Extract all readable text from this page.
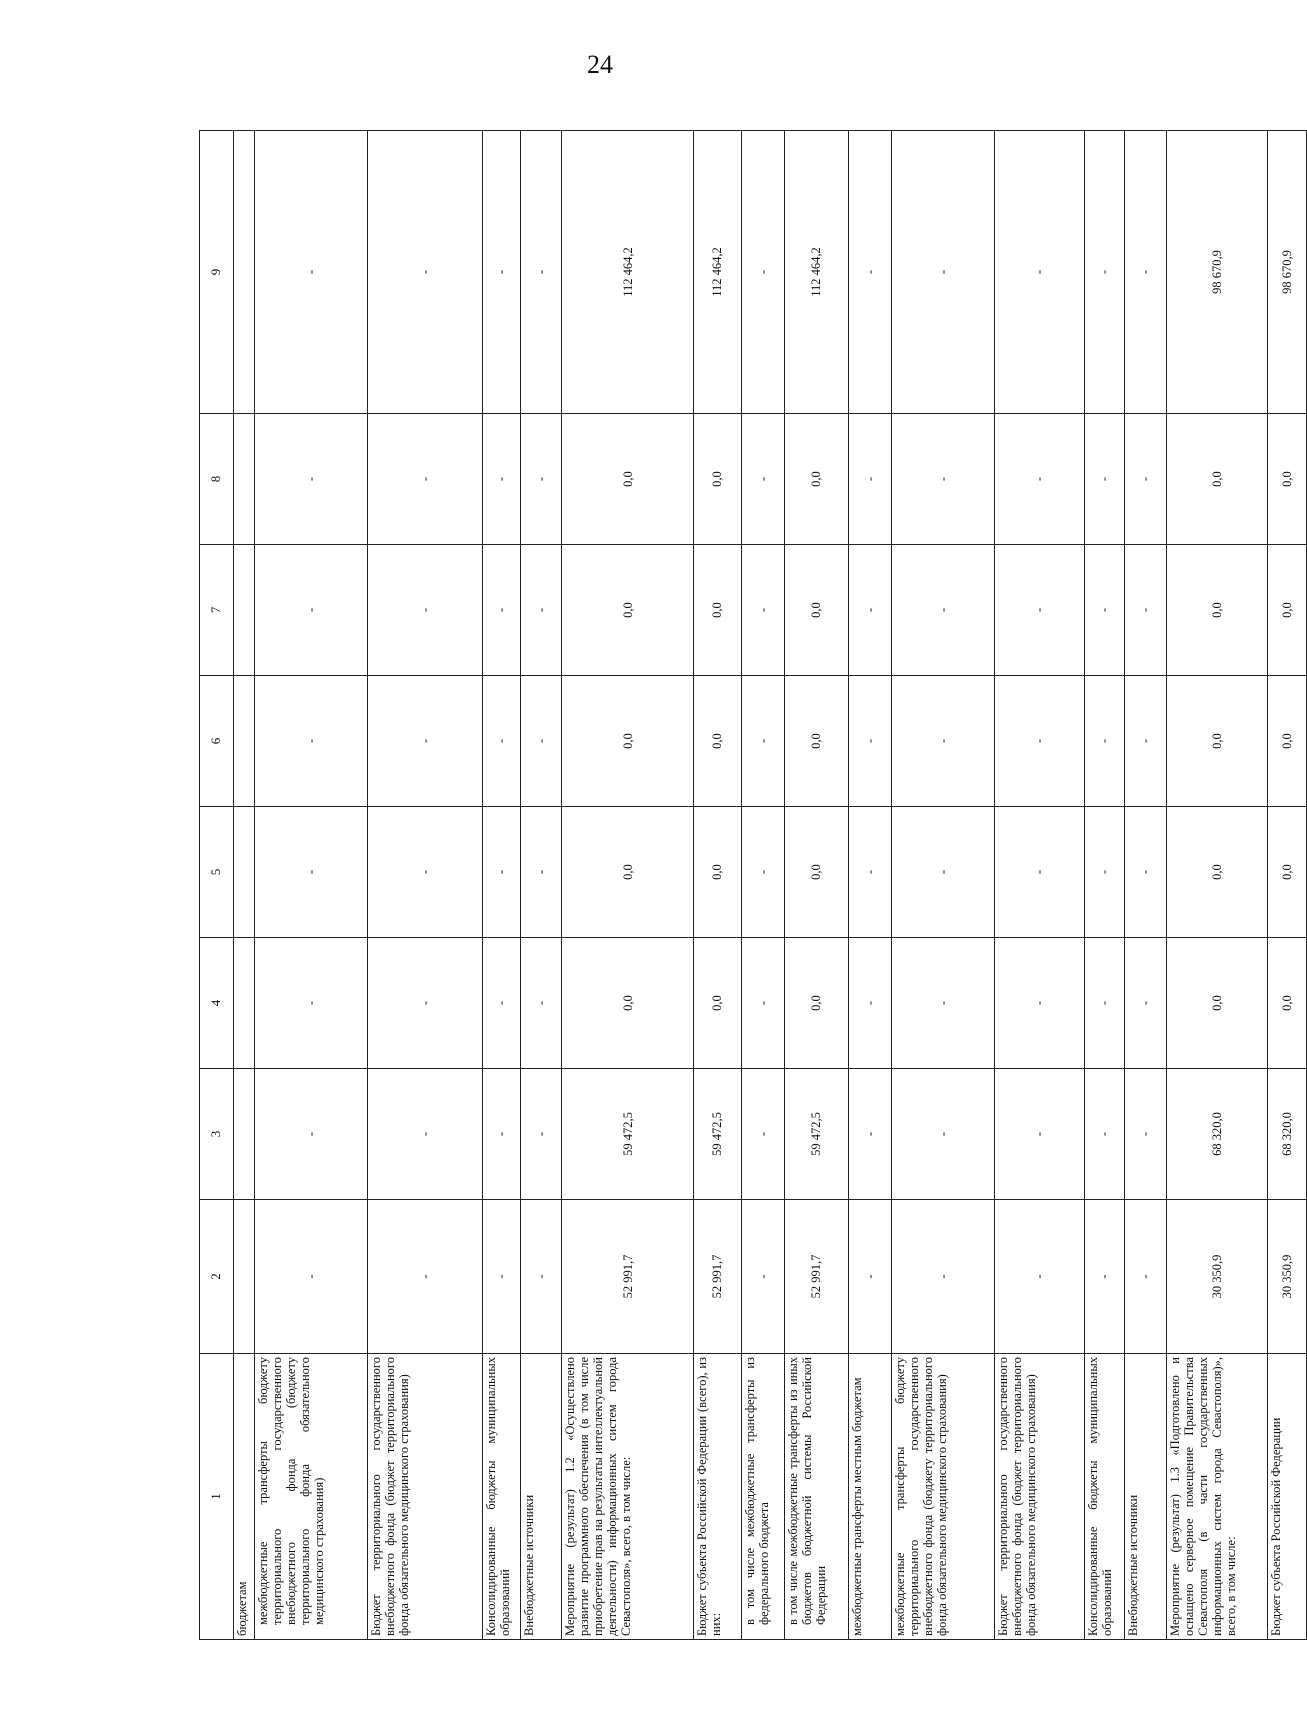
24
1	2	3	4	5	6	7	8	9
бюджетам								
межбюджетные трансферты бюджету территориального государственного внебюджетного фонда (бюджету территориального фонда обязательного медицинского страхования)	-	-	-	-	-	-	-	-
Бюджет территориального государственного внебюджетного фонда (бюджет территориального фонда обязательного медицинского страхования)	-	-	-	-	-	-	-	-
Консолидированные бюджеты муниципальных образований	-	-	-	-	-	-	-	-
Внебюджетные источники	-	-	-	-	-	-	-	-
Мероприятие (результат) 1.2 «Осуществлено развитие программного обеспечения (в том числе приобретение прав на результаты интеллектуальной деятельности) информационных систем города Севастополя», всего, в том числе:	52 991,7	59 472,5	0,0	0,0	0,0	0,0	0,0	112 464,2
Бюджет субъекта Российской Федерации (всего), из них:	52 991,7	59 472,5	0,0	0,0	0,0	0,0	0,0	112 464,2
в том числе межбюджетные трансферты из федерального бюджета	-	-	-	-	-	-	-	-
в том числе межбюджетные трансферты из иных бюджетов бюджетной системы Российской Федерации	52 991,7	59 472,5	0,0	0,0	0,0	0,0	0,0	112 464,2
межбюджетные трансферты местным бюджетам	-	-	-	-	-	-	-	-
межбюджетные трансферты бюджету территориального государственного внебюджетного фонда (бюджету территориального фонда обязательного медицинского страхования)	-	-	-	-	-	-	-	-
Бюджет территориального государственного внебюджетного фонда (бюджет территориального фонда обязательного медицинского страхования)	-	-	-	-	-	-	-	-
Консолидированные бюджеты муниципальных образований	-	-	-	-	-	-	-	-
Внебюджетные источники	-	-	-	-	-	-	-	-
Мероприятие (результат) 1.3 «Подготовлено и оснащено серверное помещение Правительства Севастополя (в части государственных информационных систем города Севастополя)», всего, в том числе:	30 350,9	68 320,0	0,0	0,0	0,0	0,0	0,0	98 670,9
Бюджет субъекта Российской Федерации	30 350,9	68 320,0	0,0	0,0	0,0	0,0	0,0	98 670,9
